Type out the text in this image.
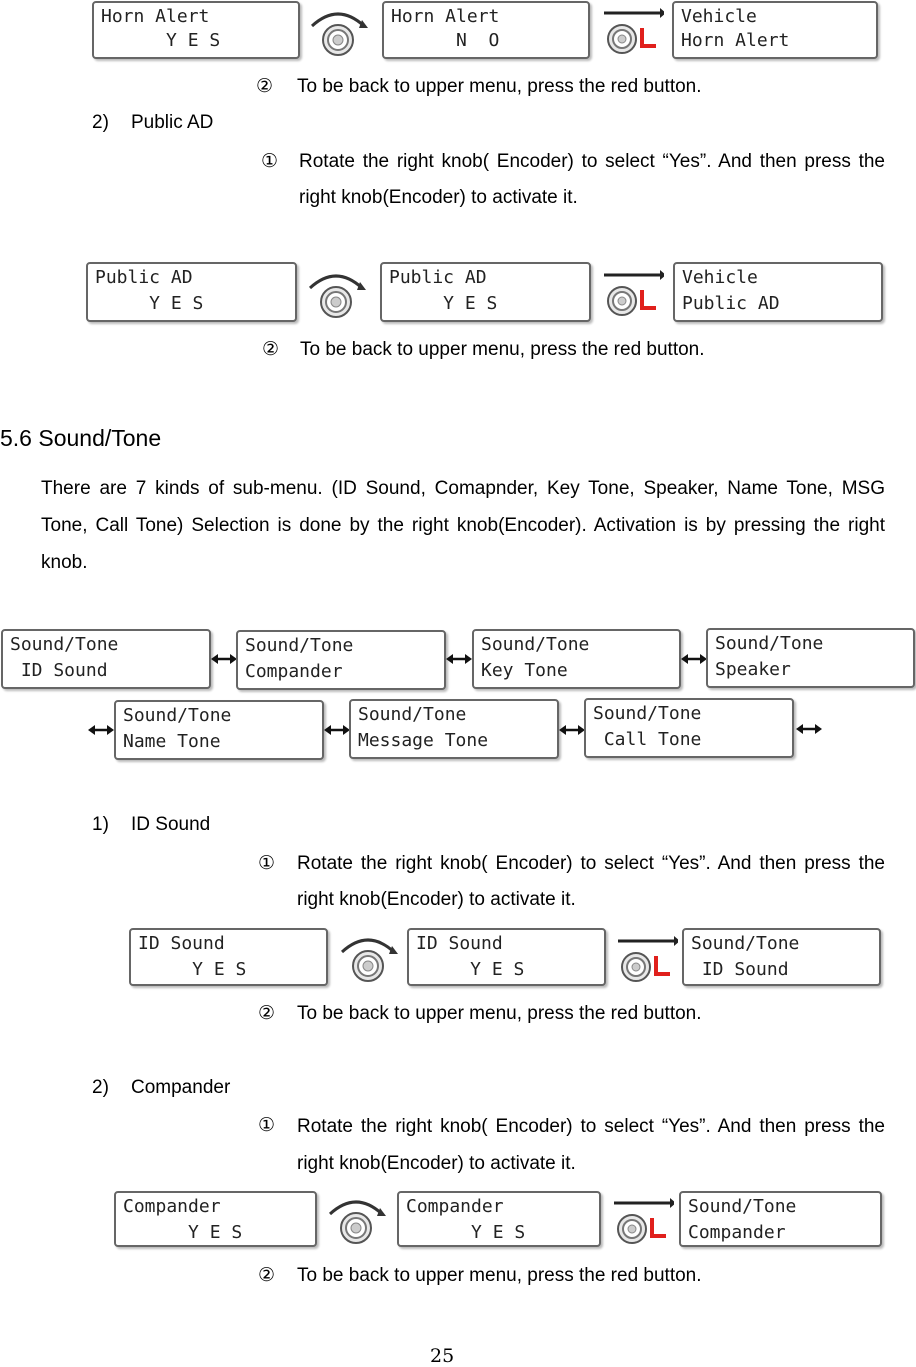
Horn Alert
Y E S
Horn Alert
N  O
Vehicle
Horn Alert
② To be back to upper menu, press the red button.
2) Public AD
① Rotate the right knob( Encoder) to select “Yes”. And then press the right knob(Encoder) to activate it.
Public AD
Y E S
Public AD
Y E S
Vehicle
Public AD
② To be back to upper menu, press the red button.
5.6 Sound/Tone
There are 7 kinds of sub-menu. (ID Sound, Comapnder, Key Tone, Speaker, Name Tone, MSG Tone, Call Tone) Selection is done by the right knob(Encoder). Activation is by pressing the right knob.
Sound/Tone
ID Sound
Sound/Tone
Compander
Sound/Tone
Key Tone
Sound/Tone
Speaker
Sound/Tone
Name Tone
Sound/Tone
Message Tone
Sound/Tone
Call Tone
1) ID Sound
① Rotate the right knob( Encoder) to select “Yes”. And then press the right knob(Encoder) to activate it.
ID Sound
Y E S
ID Sound
Y E S
Sound/Tone
ID Sound
② To be back to upper menu, press the red button.
2) Compander
① Rotate the right knob( Encoder) to select “Yes”. And then press the right knob(Encoder) to activate it.
Compander
Y E S
Compander
Y E S
Sound/Tone
Compander
② To be back to upper menu, press the red button.
25
